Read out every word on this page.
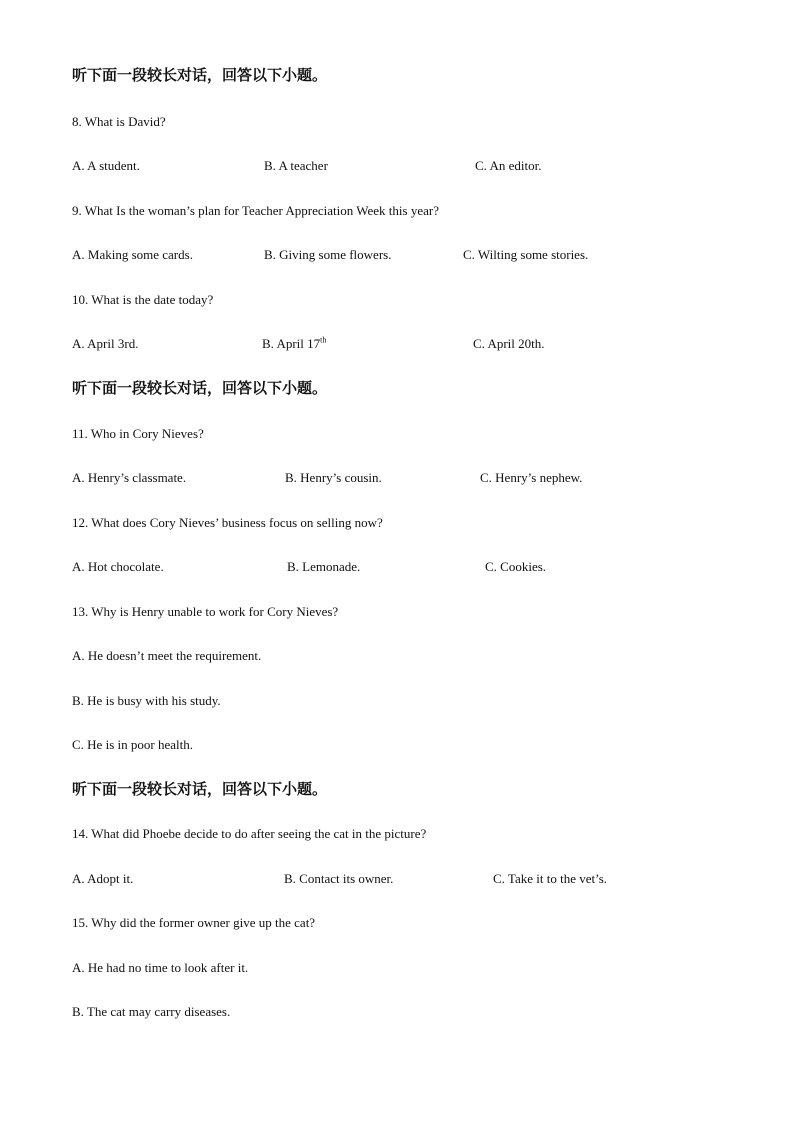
听下面一段较长对话，回答以下小题。
8. What is David?
A. A student.	B. A teacher	C. An editor.
9. What Is the woman’s plan for Teacher Appreciation Week this year?
A. Making some cards.	B. Giving some flowers.	C. Wilting some stories.
10. What is the date today?
A. April 3rd.	B. April 17th	C. April 20th.
听下面一段较长对话，回答以下小题。
11. Who in Cory Nieves?
A. Henry’s classmate.	B. Henry’s cousin.	C. Henry’s nephew.
12. What does Cory Nieves’ business focus on selling now?
A. Hot chocolate.	B. Lemonade.	C. Cookies.
13. Why is Henry unable to work for Cory Nieves?
A. He doesn’t meet the requirement.
B. He is busy with his study.
C. He is in poor health.
听下面一段较长对话，回答以下小题。
14. What did Phoebe decide to do after seeing the cat in the picture?
A. Adopt it.	B. Contact its owner.	C. Take it to the vet’s.
15. Why did the former owner give up the cat?
A. He had no time to look after it.
B. The cat may carry diseases.
